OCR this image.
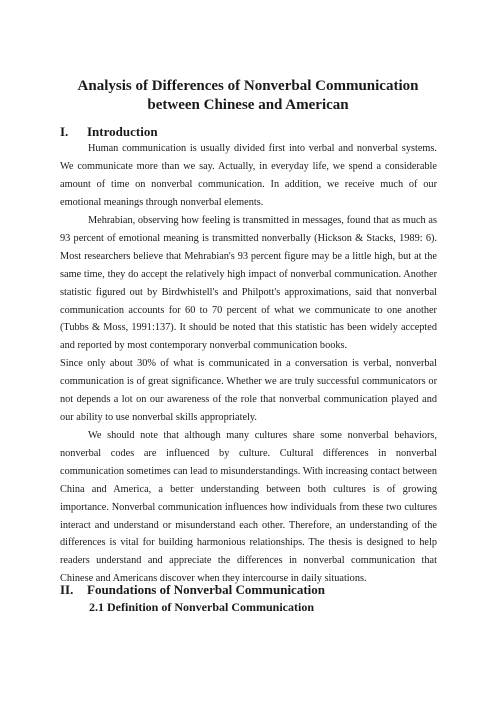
Analysis of Differences of Nonverbal Communication between Chinese and American
I. Introduction

Human communication is usually divided first into verbal and nonverbal systems. We communicate more than we say. Actually, in everyday life, we spend a considerable amount of time on nonverbal communication. In addition, we receive much of our emotional meanings through nonverbal elements.

Mehrabian, observing how feeling is transmitted in messages, found that as much as 93 percent of emotional meaning is transmitted nonverbally (Hickson & Stacks, 1989: 6). Most researchers believe that Mehrabian's 93 percent figure may be a little high, but at the same time, they do accept the relatively high impact of nonverbal communication. Another statistic figured out by Birdwhistell's and Philpott's approximations, said that nonverbal communication accounts for 60 to 70 percent of what we communicate to one another (Tubbs & Moss, 1991:137). It should be noted that this statistic has been widely accepted and reported by most contemporary nonverbal communication books.

Since only about 30% of what is communicated in a conversation is verbal, nonverbal communication is of great significance. Whether we are truly successful communicators or not depends a lot on our awareness of the role that nonverbal communication played and our ability to use nonverbal skills appropriately.

We should note that although many cultures share some nonverbal behaviors, nonverbal codes are influenced by culture. Cultural differences in nonverbal communication sometimes can lead to misunderstandings. With increasing contact between China and America, a better understanding between both cultures is of growing importance. Nonverbal communication influences how individuals from these two cultures interact and understand or misunderstand each other. Therefore, an understanding of the differences is vital for building harmonious relationships. The thesis is designed to help readers understand and appreciate the differences in nonverbal communication that Chinese and Americans discover when they intercourse in daily situations.

II. Foundations of Nonverbal Communication
2.1 Definition of Nonverbal Communication
